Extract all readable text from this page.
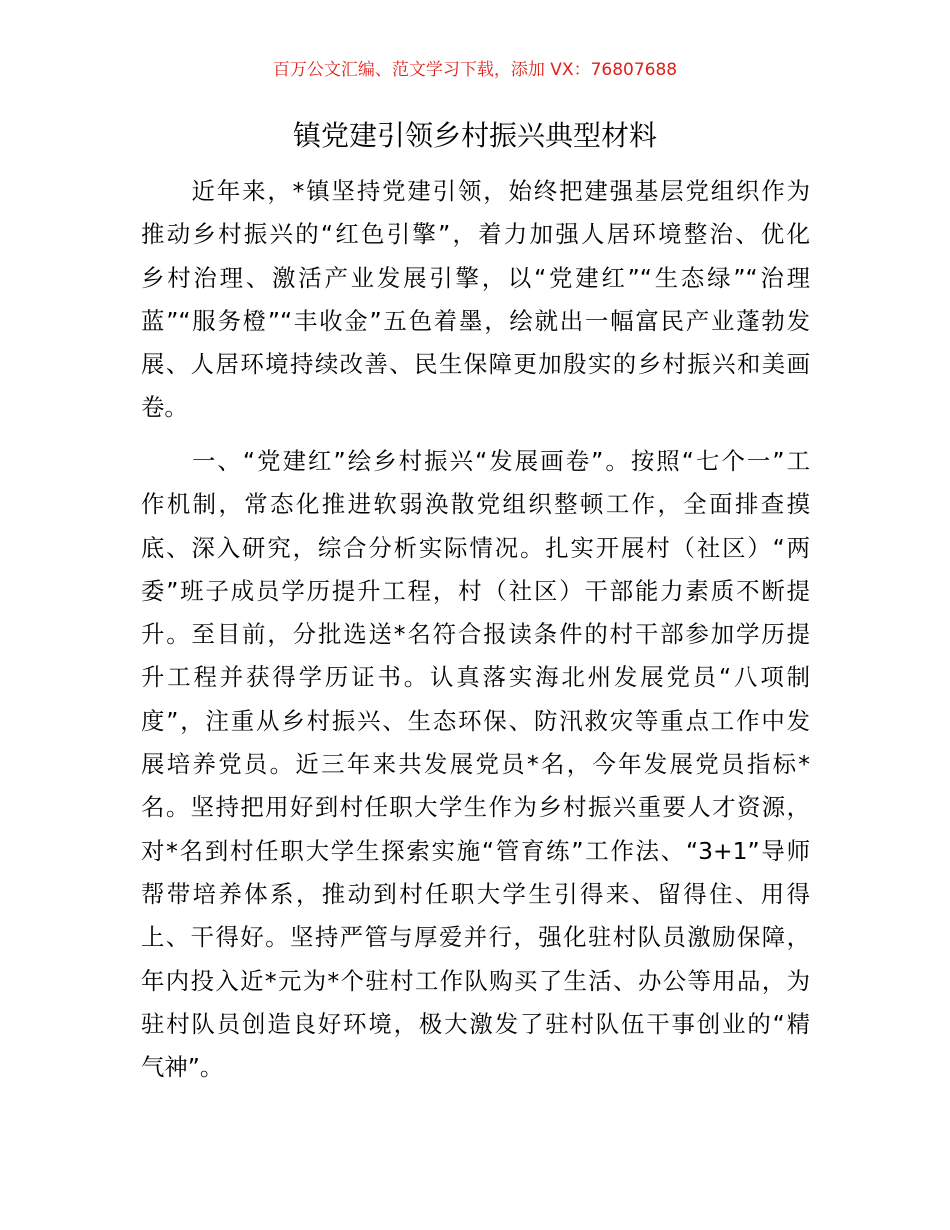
百万公文汇编、范文学习下载，添加 VX：76807688
镇党建引领乡村振兴典型材料
　　近年来，*镇坚持党建引领，始终把建强基层党组织作为
推动乡村振兴的“红色引擎”，着力加强人居环境整治、优化
乡村治理、激活产业发展引擎，以“党建红”“生态绿”“治理
蓝”“服务橙”“丰收金”五色着墨，绘就出一幅富民产业蓬勃发
展、人居环境持续改善、民生保障更加殷实的乡村振兴和美画
卷。
　　一、“党建红”绘乡村振兴“发展画卷”。按照“七个一”工
作机制，常态化推进软弱涣散党组织整顿工作，全面排查摸
底、深入研究，综合分析实际情况。扎实开展村（社区）“两
委”班子成员学历提升工程，村（社区）干部能力素质不断提
升。至目前，分批选送*名符合报读条件的村干部参加学历提
升工程并获得学历证书。认真落实海北州发展党员“八项制
度”，注重从乡村振兴、生态环保、防汛救灾等重点工作中发
展培养党员。近三年来共发展党员*名，今年发展党员指标*
名。坚持把用好到村任职大学生作为乡村振兴重要人才资源，
对*名到村任职大学生探索实施“管育练”工作法、“3+1”导师
帮带培养体系，推动到村任职大学生引得来、留得住、用得
上、干得好。坚持严管与厚爱并行，强化驻村队员激励保障，
年内投入近*元为*个驻村工作队购买了生活、办公等用品，为
驻村队员创造良好环境，极大激发了驻村队伍干事创业的“精
气神”。
